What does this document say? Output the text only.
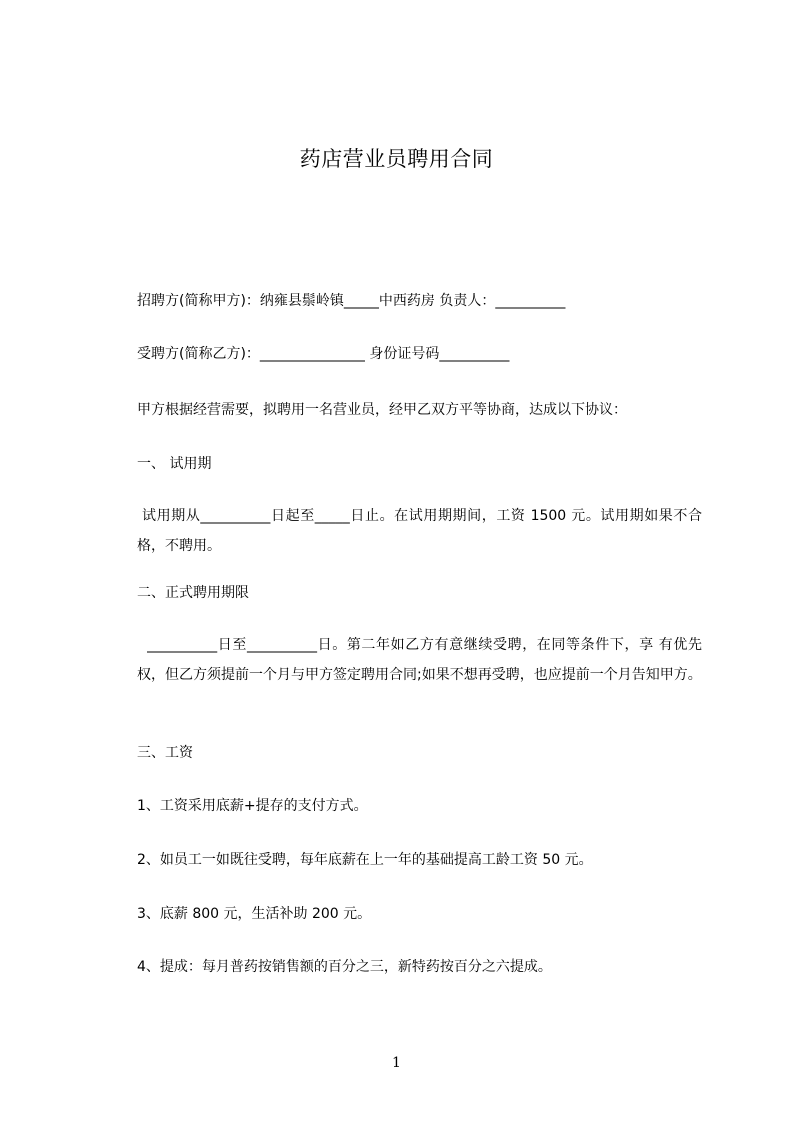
药店营业员聘用合同
招聘方(简称甲方)：纳雍县鬃岭镇_____中西药房 负责人：__________
受聘方(简称乙方)：_______________ 身份证号码__________
甲方根据经营需要，拟聘用一名营业员，经甲乙双方平等协商，达成以下协议：
一、 试用期
试用期从__________日起至_____日止。在试用期期间，工资 1500 元。试用期如果不合格，不聘用。
二、正式聘用期限
__________日至__________日。第二年如乙方有意继续受聘，在同等条件下，享 有优先权，但乙方须提前一个月与甲方签定聘用合同;如果不想再受聘，也应提前一个月告知甲方。
三、工资
1、工资采用底薪+提存的支付方式。
2、如员工一如既往受聘，每年底薪在上一年的基础提高工龄工资 50 元。
3、底薪 800 元，生活补助 200 元。
4、提成：每月普药按销售额的百分之三，新特药按百分之六提成。
1
